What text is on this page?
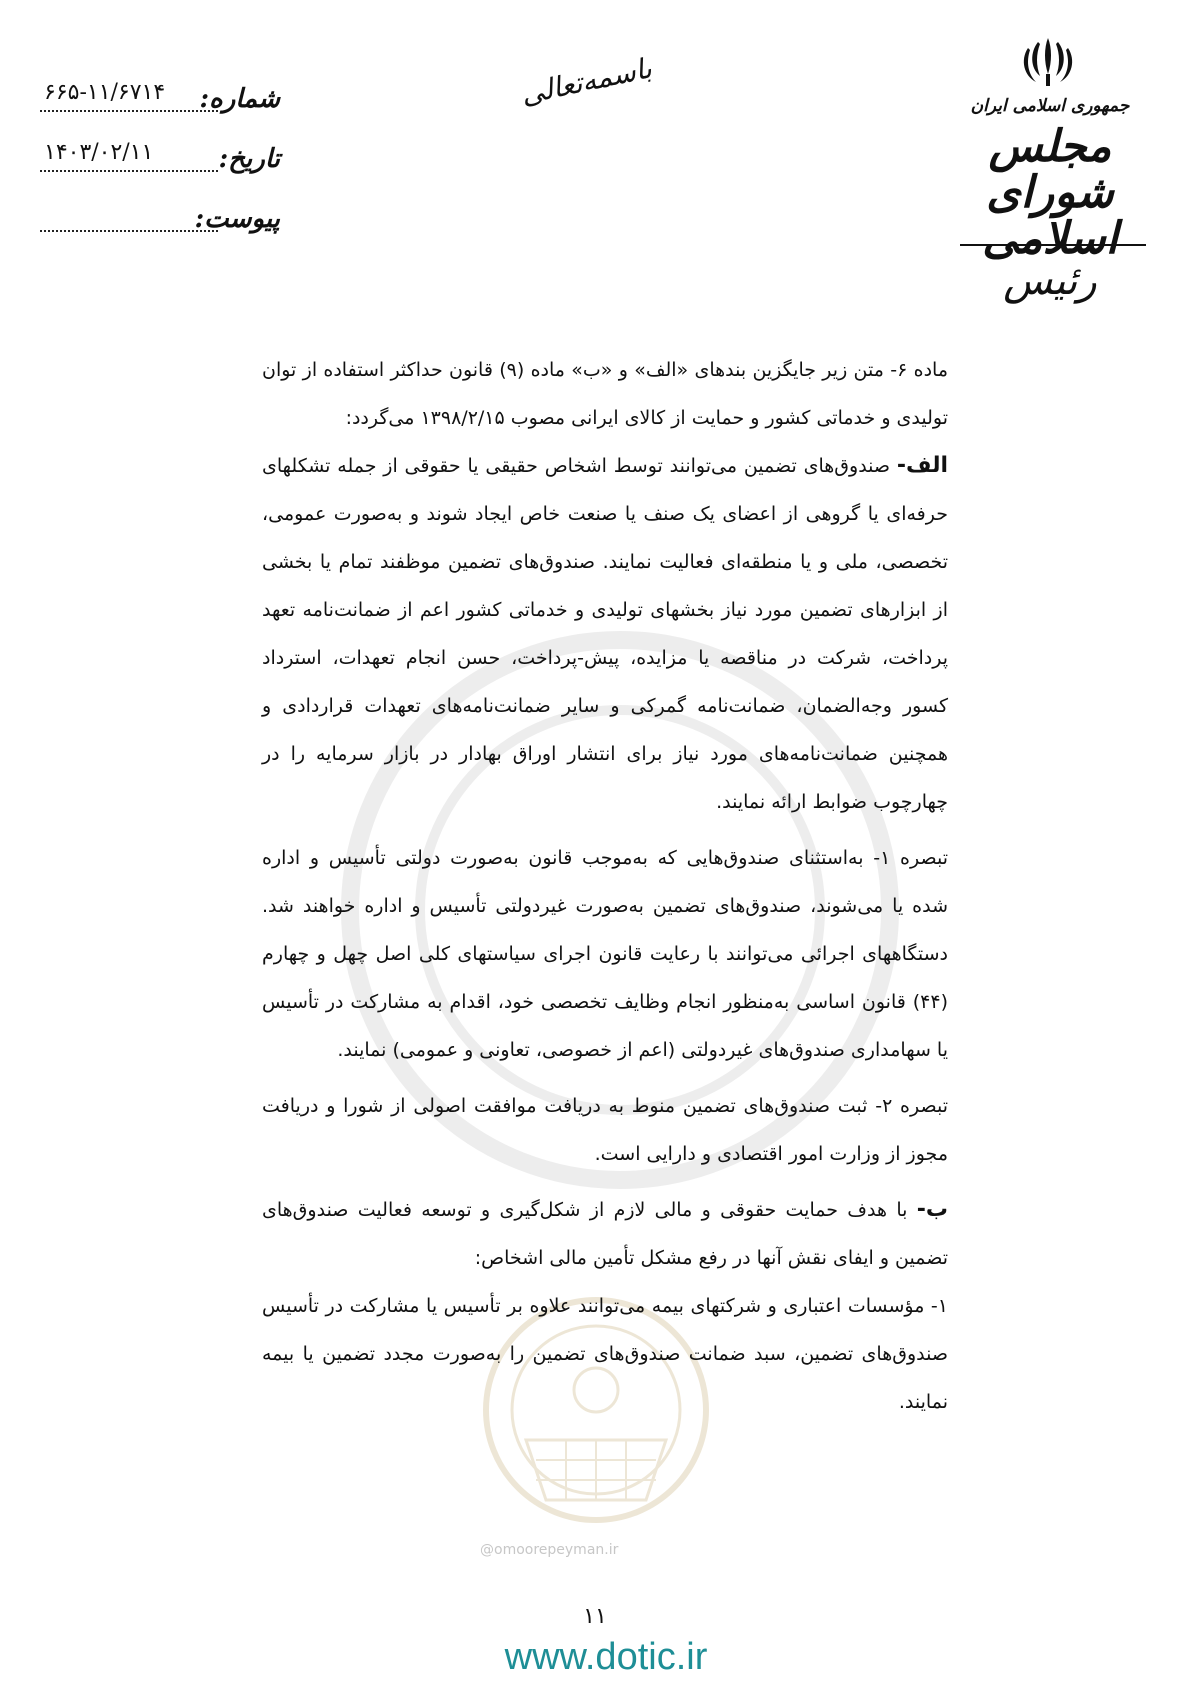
شماره:
۶۶۵-۱۱/۶۷۱۴
تاریخ:
۱۴۰۳/۰۲/۱۱
پیوست:
باسمه‌تعالی	جمهوری اسلامی ایران
مجلس شورای اسلامی
رئیس
@omoorepeyman.ir

ماده ۶- متن زیر جایگزین بندهای «الف» و «ب» ماده (۹) قانون حداکثر استفاده از توان تولیدی و خدماتی کشور و حمایت از کالای ایرانی مصوب ۱۳۹۸/۲/۱۵ می‌گردد:

الف- صندوق‌های تضمین می‌توانند توسط اشخاص حقیقی یا حقوقی از جمله تشکلهای حرفه‌ای یا گروهی از اعضای یک صنف یا صنعت خاص ایجاد شوند و به‌صورت عمومی، تخصصی، ملی و یا منطقه‌ای فعالیت نمایند. صندوق‌های تضمین موظفند تمام یا بخشی از ابزارهای تضمین مورد نیاز بخشهای تولیدی و خدماتی کشور اعم از ضمانت‌نامه تعهد پرداخت، شرکت در مناقصه یا مزایده، پیش-پرداخت، حسن انجام تعهدات، استرداد کسور وجه‌الضمان، ضمانت‌نامه گمرکی و سایر ضمانت‌نامه‌های تعهدات قراردادی و همچنین ضمانت‌نامه‌های مورد نیاز برای انتشار اوراق بهادار در بازار سرمایه را در چهارچوب ضوابط ارائه نمایند.

تبصره ۱- به‌استثنای صندوق‌هایی که به‌موجب قانون به‌صورت دولتی تأسیس و اداره شده یا می‌شوند، صندوق‌های تضمین به‌صورت غیردولتی تأسیس و اداره خواهند شد. دستگاههای اجرائی می‌توانند با رعایت قانون اجرای سیاستهای کلی اصل چهل و چهارم (۴۴) قانون اساسی به‌منظور انجام وظایف تخصصی خود، اقدام به مشارکت در تأسیس یا سهامداری صندوق‌های غیردولتی (اعم از خصوصی، تعاونی و عمومی) نمایند.

تبصره ۲- ثبت صندوق‌های تضمین منوط به دریافت موافقت اصولی از شورا و دریافت مجوز از وزارت امور اقتصادی و دارایی است.

ب- با هدف حمایت حقوقی و مالی لازم از شکل‌گیری و توسعه فعالیت صندوق‌های تضمین و ایفای نقش آنها در رفع مشکل تأمین مالی اشخاص:

۱- مؤسسات اعتباری و شرکتهای بیمه می‌توانند علاوه بر تأسیس یا مشارکت در تأسیس صندوق‌های تضمین، سبد ضمانت صندوق‌های تضمین را به‌صورت مجدد تضمین یا بیمه نمایند.

۱۱
www.dotic.ir
